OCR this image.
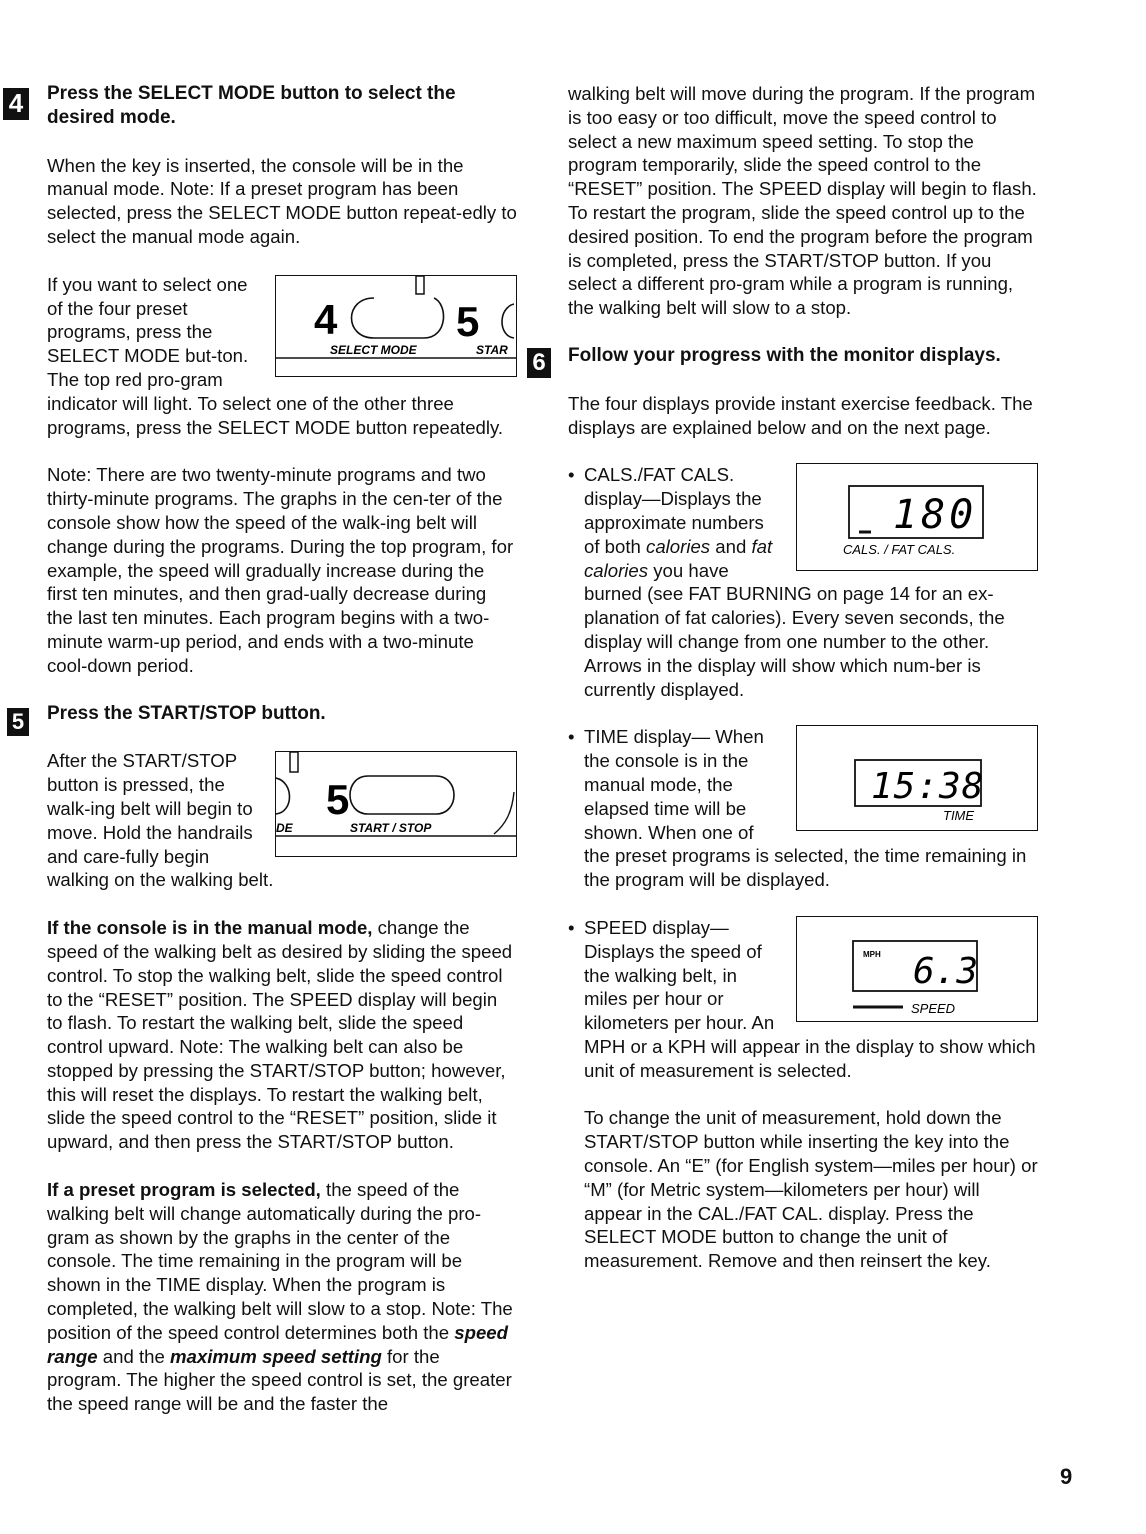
4	Press the SELECT MODE button to select the desired mode.

When the key is inserted, the console will be in the manual mode. Note: If a preset program has been selected, press the SELECT MODE button repeat-edly to select the manual mode again.

4	5
SELECT MODE	STAR

If you want to select one of the four preset programs, press the SELECT MODE but-ton. The top red pro-gram indicator will light. To select one of the other three programs, press the SELECT MODE button repeatedly.

Note: There are two twenty-minute programs and two thirty-minute programs. The graphs in the cen-ter of the console show how the speed of the walk-ing belt will change during the programs. During the top program, for example, the speed will gradually increase during the first ten minutes, and then grad-ually decrease during the last ten minutes. Each program begins with a two-minute warm-up period, and ends with a two-minute cool-down period.

5 Press the START/STOP button.
5
DE	START / STOP

After the START/STOP button is pressed, the walk-ing belt will begin to move. Hold the handrails and care-fully begin walking on the walking belt.

If the console is in the manual mode, change the speed of the walking belt as desired by sliding the speed control. To stop the walking belt, slide the speed control to the “RESET” position. The SPEED display will begin to flash. To restart the walking belt, slide the speed control upward. Note: The walking belt can also be stopped by pressing the START/STOP button; however, this will reset the displays. To restart the walking belt, slide the speed control to the “RESET” position, slide it upward, and then press the START/STOP button.

If a preset program is selected, the speed of the walking belt will change automatically during the pro-gram as shown by the graphs in the center of the console. The time remaining in the program will be shown in the TIME display. When the program is completed, the walking belt will slow to a stop. Note: The position of the speed control determines both the speed range and the maximum speed setting for the program. The higher the speed control is set, the greater the speed range will be and the faster the

walking belt will move during the program. If the program is too easy or too difficult, move the speed control to select a new maximum speed setting. To stop the program temporarily, slide the speed control to the “RESET” position. The SPEED display will begin to flash. To restart the program, slide the speed control up to the desired position. To end the program before the program is completed, press the START/STOP button. If you select a different pro-gram while a program is running, the walking belt will slow to a stop.

6 Follow your progress with the monitor displays.

The four displays provide instant exercise feedback. The displays are explained below and on the next page.

•
180
CALS. / FAT CALS.
CALS./FAT CALS. display—Displays the approximate numbers of both calories and fat calories you have burned (see FAT BURNING on page 14 for an ex-planation of fat calories). Every seven seconds, the display will change from one number to the other. Arrows in the display will show which num-ber is currently displayed.
•
15:38
TIME
TIME display— When the console is in the manual mode, the elapsed time will be shown. When one of the preset programs is selected, the time remaining in the program will be displayed.
•
MPH 6.3
SPEED
SPEED display— Displays the speed of the walking belt, in miles per hour or kilometers per hour. An MPH or a KPH will appear in the display to show which unit of measurement is selected.

To change the unit of measurement, hold down the START/STOP button while inserting the key into the console. An “E” (for English system—miles per hour) or “M” (for Metric system—kilometers per hour) will appear in the CAL./FAT CAL. display. Press the SELECT MODE button to change the unit of measurement. Remove and then reinsert the key.

9
